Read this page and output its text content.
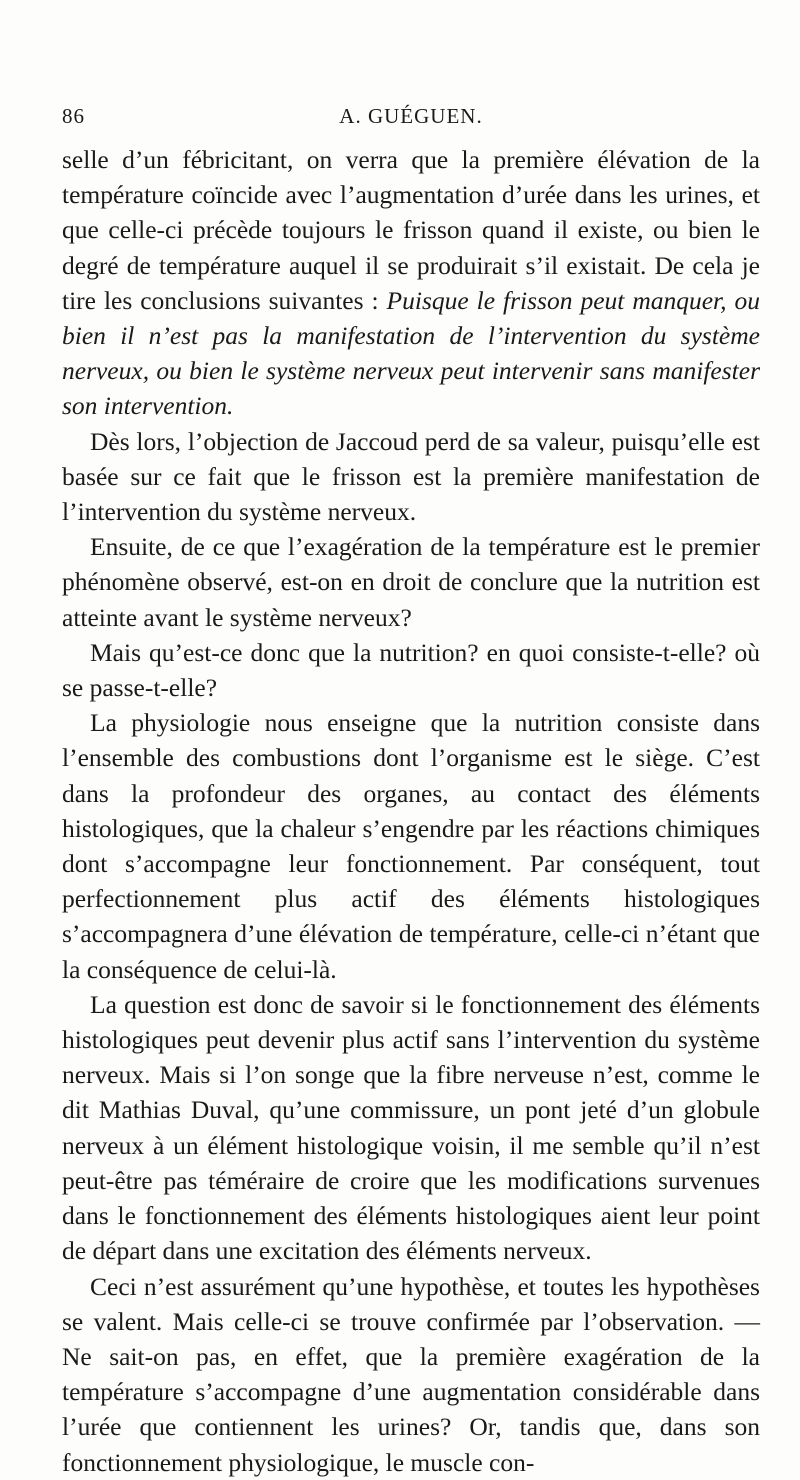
86	A. GUÉGUEN.

selle d’un fébricitant, on verra que la première élévation de la température coïncide avec l’augmentation d’urée dans les urines, et que celle-ci précède toujours le frisson quand il existe, ou bien le degré de température auquel il se produirait s’il existait. De cela je tire les conclusions suivantes : Puisque le frisson peut manquer, ou bien il n’est pas la manifestation de l’intervention du système nerveux, ou bien le système nerveux peut intervenir sans manifester son intervention.

Dès lors, l’objection de Jaccoud perd de sa valeur, puisqu’elle est basée sur ce fait que le frisson est la première manifestation de l’intervention du système nerveux.

Ensuite, de ce que l’exagération de la température est le premier phénomène observé, est-on en droit de conclure que la nutrition est atteinte avant le système nerveux?

Mais qu’est-ce donc que la nutrition? en quoi consiste-t-elle? où se passe-t-elle?

La physiologie nous enseigne que la nutrition consiste dans l’ensemble des combustions dont l’organisme est le siège. C’est dans la profondeur des organes, au contact des éléments histologiques, que la chaleur s’engendre par les réactions chimiques dont s’accompagne leur fonctionnement. Par conséquent, tout perfectionnement plus actif des éléments histologiques s’accompagnera d’une élévation de température, celle-ci n’étant que la conséquence de celui-là.

La question est donc de savoir si le fonctionnement des éléments histologiques peut devenir plus actif sans l’intervention du système nerveux. Mais si l’on songe que la fibre nerveuse n’est, comme le dit Mathias Duval, qu’une commissure, un pont jeté d’un globule nerveux à un élément histologique voisin, il me semble qu’il n’est peut-être pas téméraire de croire que les modifications survenues dans le fonctionnement des éléments histologiques aient leur point de départ dans une excitation des éléments nerveux.

Ceci n’est assurément qu’une hypothèse, et toutes les hypothèses se valent. Mais celle-ci se trouve confirmée par l’observation. — Ne sait-on pas, en effet, que la première exagération de la température s’accompagne d’une augmentation considérable dans l’urée que contiennent les urines? Or, tandis que, dans son fonctionnement physiologique, le muscle con-
